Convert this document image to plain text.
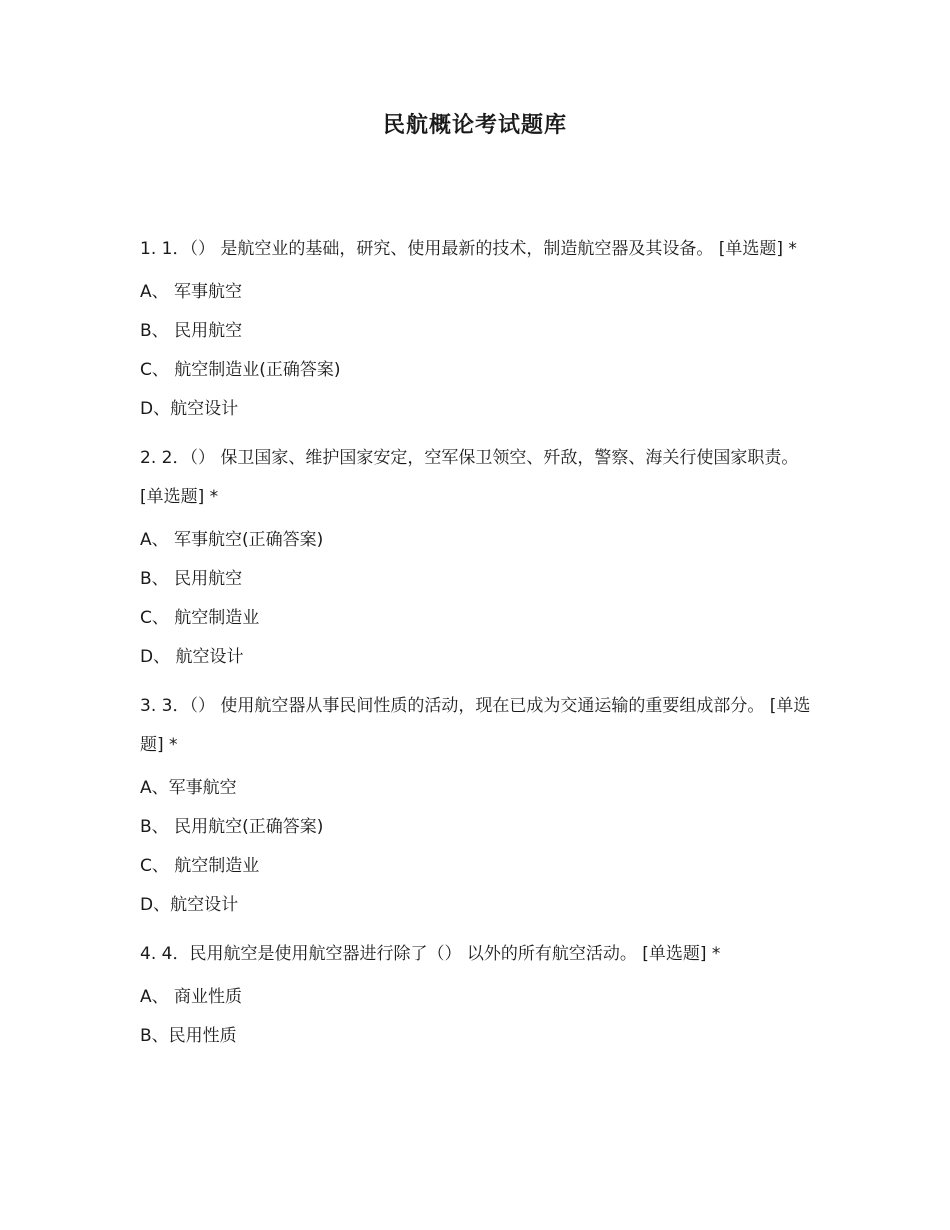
民航概论考试题库
1. 1．（） 是航空业的基础，研究、使用最新的技术，制造航空器及其设备。 [单选题] *
A、 军事航空
B、 民用航空
C、 航空制造业(正确答案)
D、航空设计
2. 2．（） 保卫国家、维护国家安定，空军保卫领空、歼敌，警察、海关行使国家职责。 [单选题] *
A、 军事航空(正确答案)
B、 民用航空
C、 航空制造业
D、 航空设计
3. 3．（） 使用航空器从事民间性质的活动，现在已成为交通运输的重要组成部分。 [单选题] *
A、军事航空
B、 民用航空(正确答案)
C、 航空制造业
D、航空设计
4. 4．民用航空是使用航空器进行除了（） 以外的所有航空活动。 [单选题] *
A、 商业性质
B、民用性质
